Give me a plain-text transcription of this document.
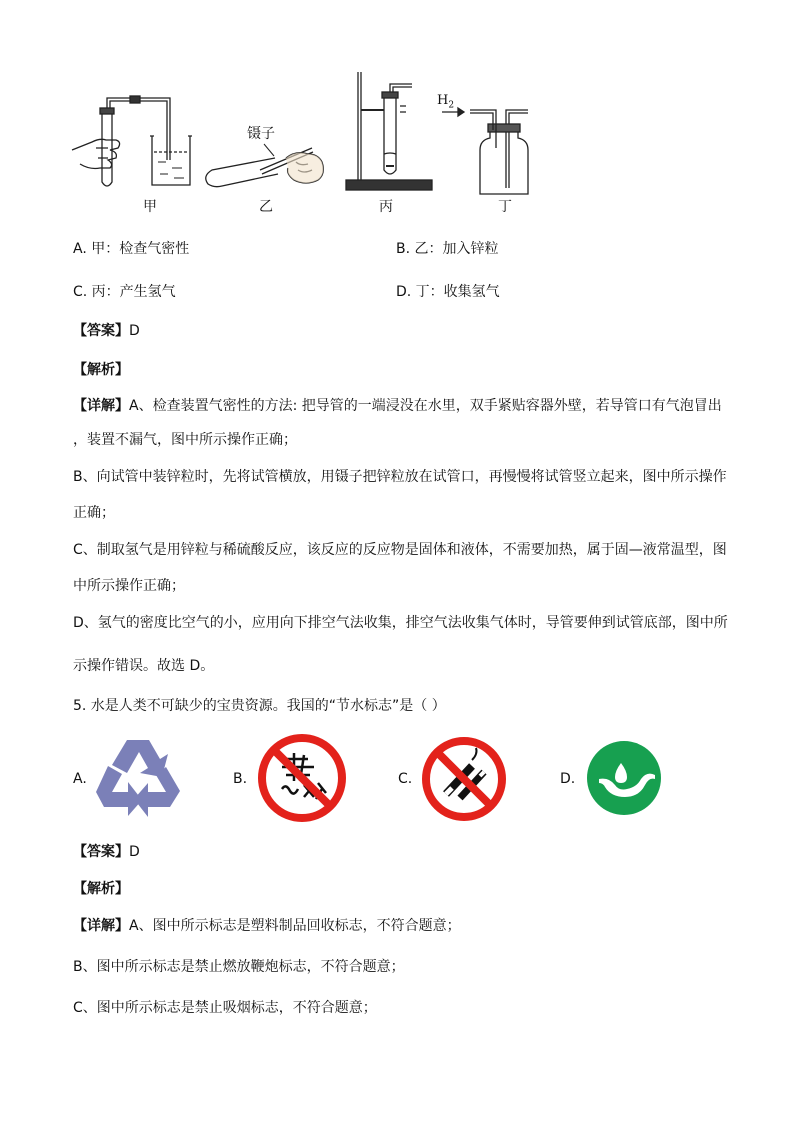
镊子
$H_2$
甲	乙	丙	丁
A. 甲：检查气密性	B. 乙：加入锌粒
C. 丙：产生氢气	D. 丁：收集氢气
【答案】D
【解析】
【详解】A、检查装置气密性的方法: 把导管的一端浸没在水里，双手紧贴容器外壁，若导管口有气泡冒出
，装置不漏气，图中所示操作正确；
B、向试管中装锌粒时，先将试管横放，用镊子把锌粒放在试管口，再慢慢将试管竖立起来，图中所示操作
正确；
C、制取氢气是用锌粒与稀硫酸反应，该反应的反应物是固体和液体，不需要加热，属于固—液常温型，图
中所示操作正确；
D、氢气的密度比空气的小，应用向下排空气法收集，排空气法收集气体时，导管要伸到试管底部，图中所
示操作错误。故选 D。
5. 水是人类不可缺少的宝贵资源。我国的“节水标志”是（ ）
A.	B.	C.	D.
【答案】D
【解析】
【详解】A、图中所示标志是塑料制品回收标志，不符合题意；
B、图中所示标志是禁止燃放鞭炮标志，不符合题意；
C、图中所示标志是禁止吸烟标志，不符合题意；
